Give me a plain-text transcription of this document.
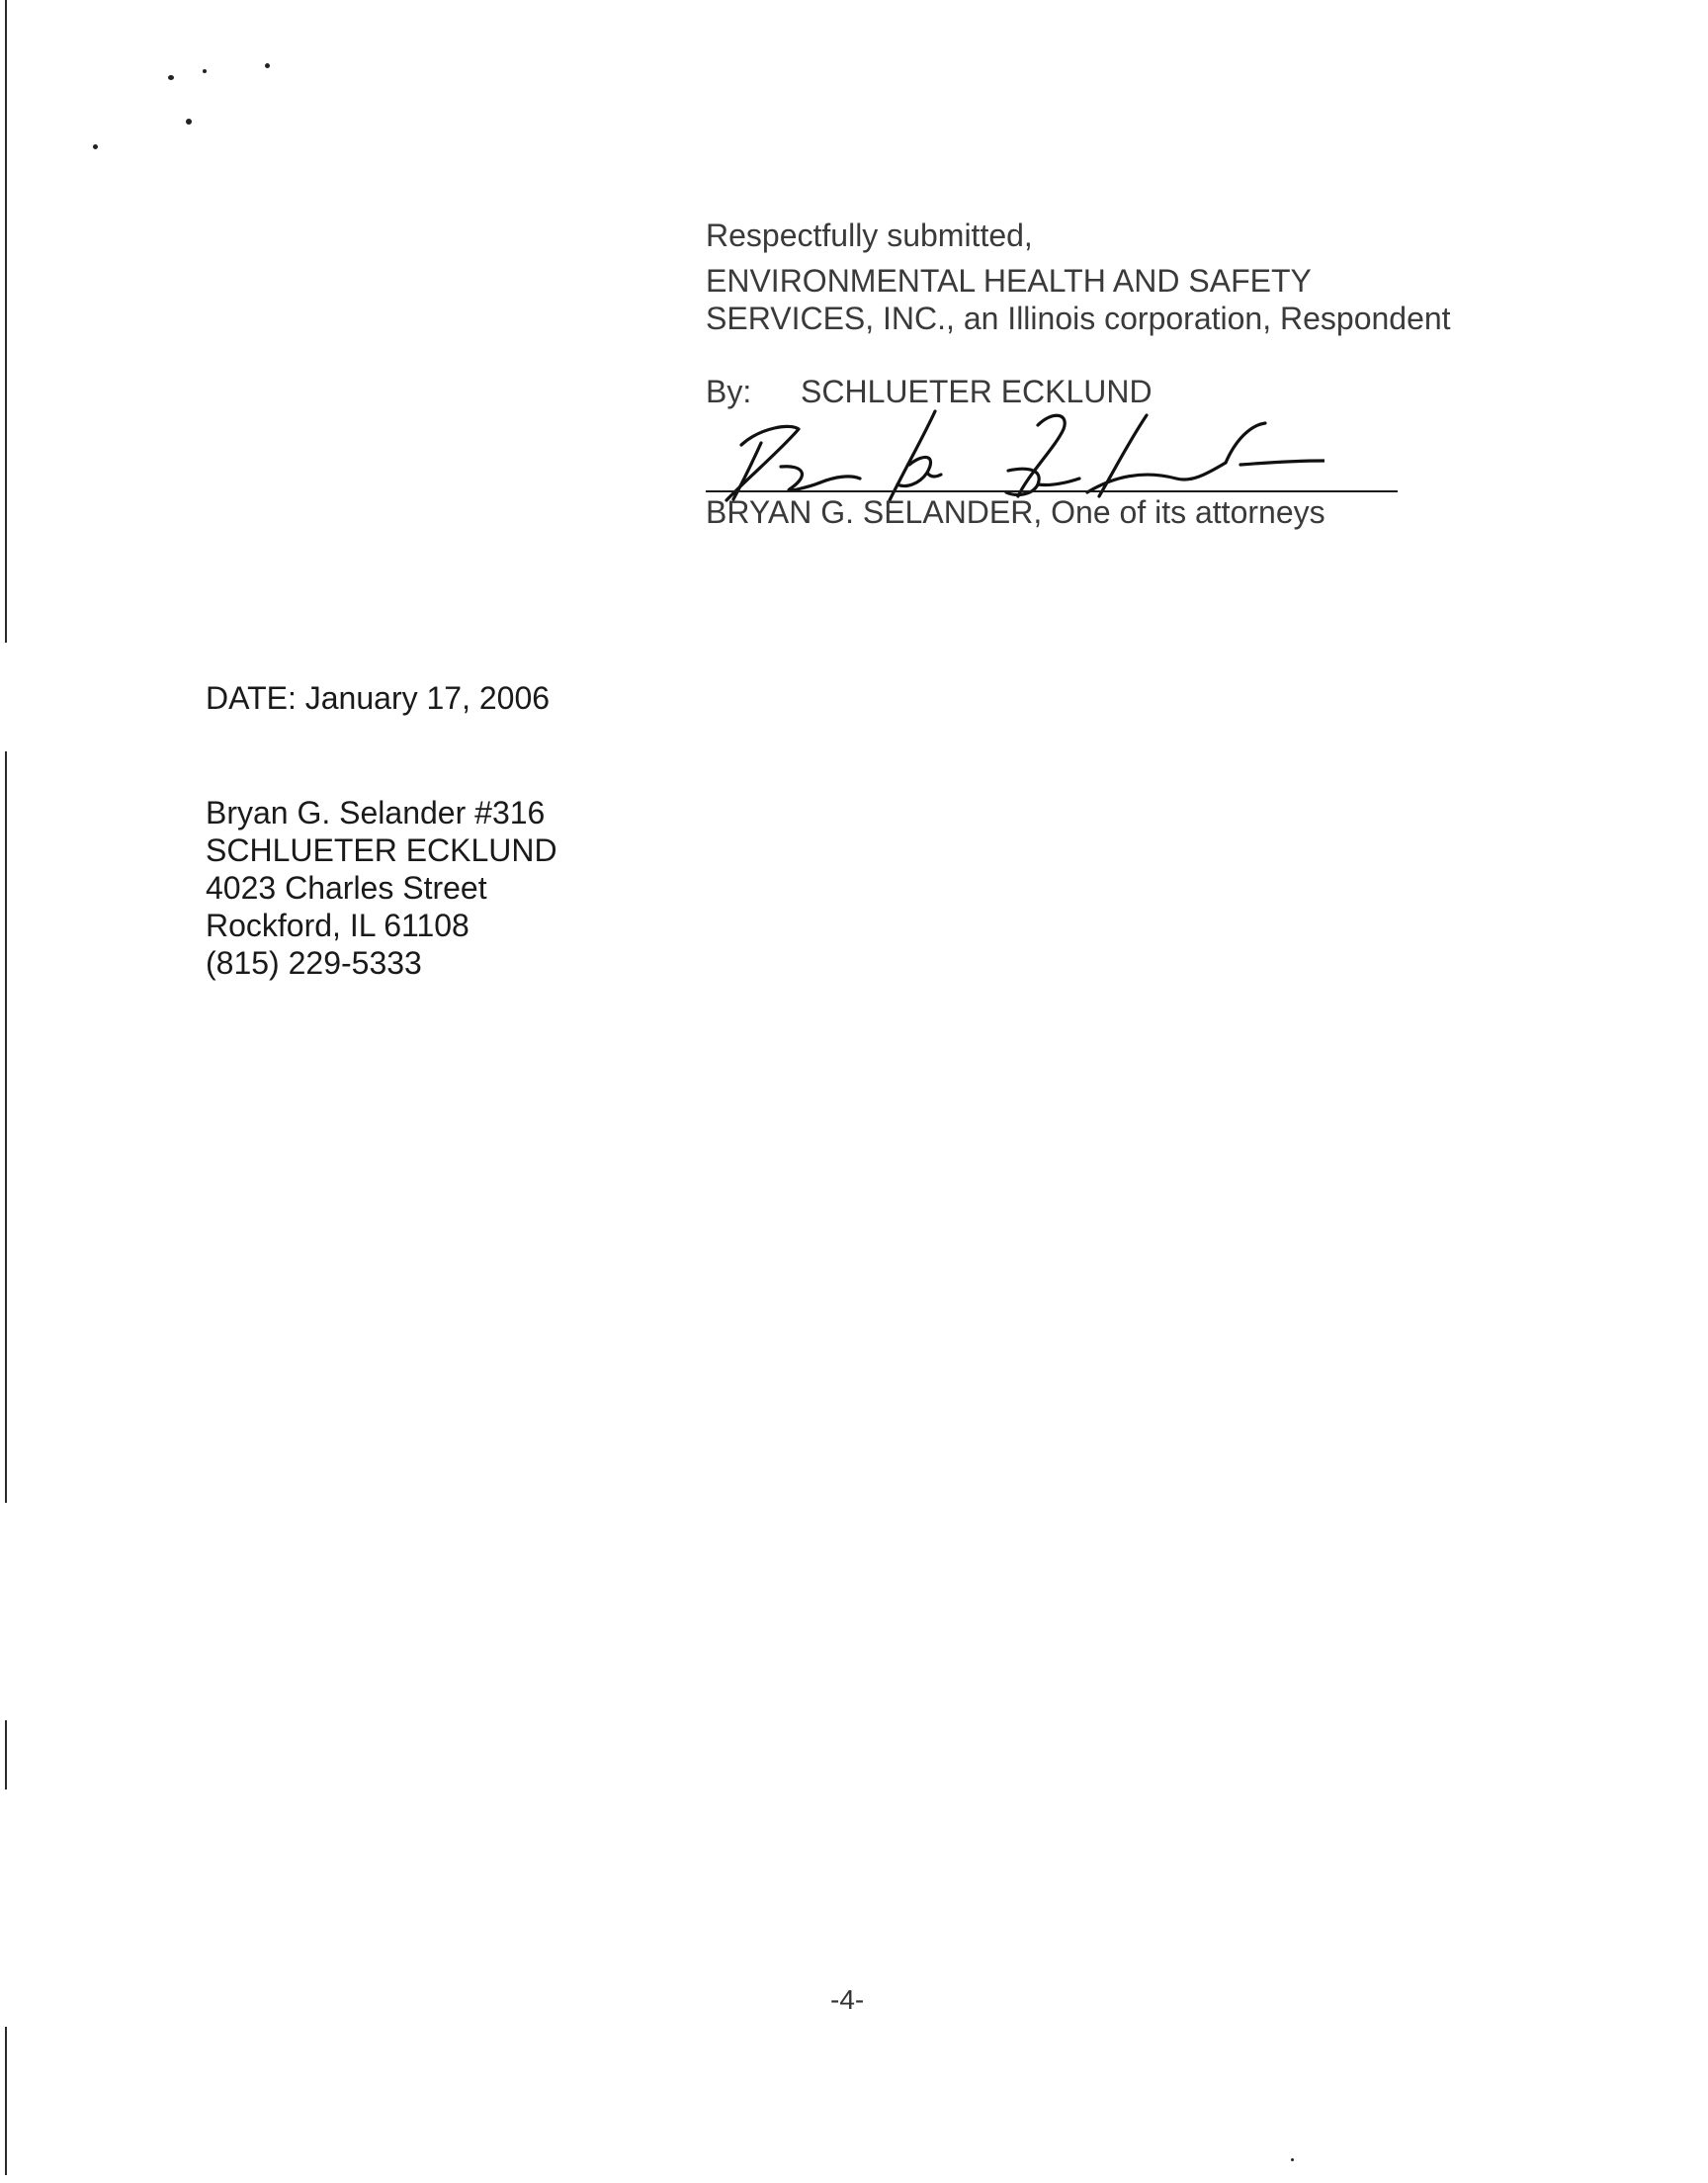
Respectfully submitted,
ENVIRONMENTAL HEALTH AND SAFETY
SERVICES, INC., an Illinois corporation, Respondent
By: SCHLUETER ECKLUND
BRYAN G. SELANDER, One of its attorneys
DATE: January 17, 2006
Bryan G. Selander #316
SCHLUETER ECKLUND
4023 Charles Street
Rockford, IL 61108
(815) 229-5333
-4-
